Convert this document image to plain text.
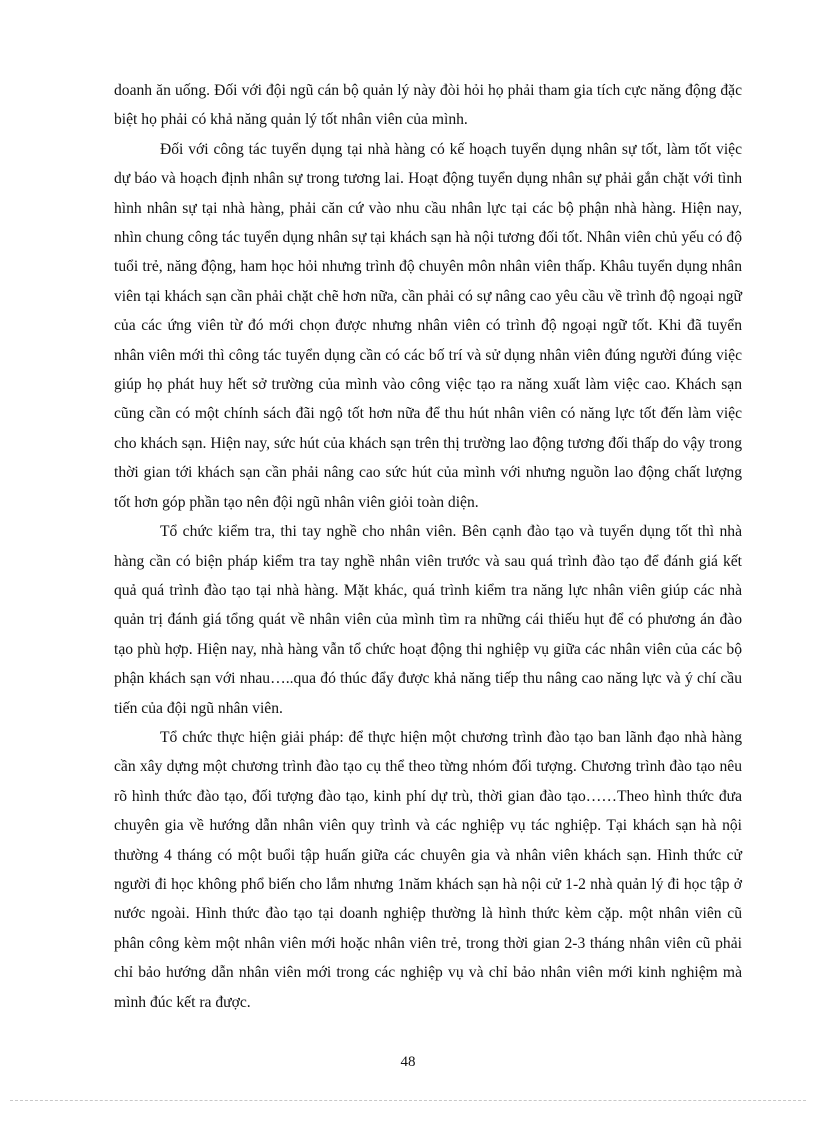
doanh ăn uống. Đối với đội ngũ cán bộ quản lý này đòi hỏi họ phải tham gia tích cực năng động đặc biệt họ phải có khả năng quản lý tốt nhân viên của mình.

Đối với công tác tuyển dụng tại nhà hàng có kế hoạch tuyển dụng nhân sự tốt, làm tốt việc dự báo và hoạch định nhân sự trong tương lai. Hoạt động tuyển dụng nhân sự phải gắn chặt với tình hình nhân sự tại nhà hàng, phải căn cứ vào nhu cầu nhân lực tại các bộ phận nhà hàng. Hiện nay, nhìn chung công tác tuyển dụng nhân sự tại khách sạn hà nội tương đối tốt. Nhân viên chủ yếu có độ tuổi trẻ, năng động, ham học hỏi nhưng trình độ chuyên môn nhân viên thấp. Khâu tuyển dụng nhân viên tại khách sạn cần phải chặt chẽ hơn nữa, cần phải có sự nâng cao yêu cầu về trình độ ngoại ngữ của các ứng viên từ đó mới chọn được nhưng nhân viên có trình độ ngoại ngữ tốt. Khi đã tuyển nhân viên mới thì công tác tuyển dụng cần có các bố trí và sử dụng nhân viên đúng người đúng việc giúp họ phát huy hết sở trường của mình vào công việc tạo ra năng xuất làm việc cao. Khách sạn cũng cần có một chính sách đãi ngộ tốt hơn nữa để thu hút nhân viên có năng lực tốt đến làm việc cho khách sạn. Hiện nay, sức hút của khách sạn trên thị trường lao động tương đối thấp do vậy trong thời gian tới khách sạn cần phải nâng cao sức hút của mình với nhưng nguồn lao động chất lượng tốt hơn góp phần tạo nên đội ngũ nhân viên giỏi toàn diện.

Tổ chức kiểm tra, thi tay nghề cho nhân viên. Bên cạnh đào tạo và tuyển dụng tốt thì nhà hàng cần có biện pháp kiểm tra tay nghề nhân viên trước và sau quá trình đào tạo để đánh giá kết quả quá trình đào tạo tại nhà hàng. Mặt khác, quá trình kiểm tra năng lực nhân viên giúp các nhà quản trị đánh giá tổng quát về nhân viên của mình tìm ra những cái thiếu hụt để có phương án đào tạo phù hợp. Hiện nay, nhà hàng vẫn tổ chức hoạt động thi nghiệp vụ giữa các nhân viên của các bộ phận khách sạn với nhau…..qua đó thúc đẩy được khả năng tiếp thu nâng cao năng lực và ý chí cầu tiến của đội ngũ nhân viên.

Tổ chức thực hiện giải pháp: để thực hiện một chương trình đào tạo ban lãnh đạo nhà hàng cần xây dựng một chương trình đào tạo cụ thể theo từng nhóm đối tượng. Chương trình đào tạo nêu rõ hình thức đào tạo, đối tượng đào tạo, kinh phí dự trù, thời gian đào tạo……Theo hình thức đưa chuyên gia về hướng dẫn nhân viên quy trình và các nghiệp vụ tác nghiệp. Tại khách sạn hà nội thường 4 tháng có một buổi tập huấn giữa các chuyên gia và nhân viên khách sạn. Hình thức cử người đi học không phổ biến cho lắm nhưng 1năm khách sạn hà nội cử 1-2 nhà quản lý đi học tập ở nước ngoài. Hình thức đào tạo tại doanh nghiệp thường là hình thức kèm cặp. một nhân viên cũ phân công kèm một nhân viên mới hoặc nhân viên trẻ, trong thời gian 2-3 tháng nhân viên cũ phải chỉ bảo hướng dẫn nhân viên mới trong các nghiệp vụ và chỉ bảo nhân viên mới kinh nghiệm mà mình đúc kết ra được.

48
